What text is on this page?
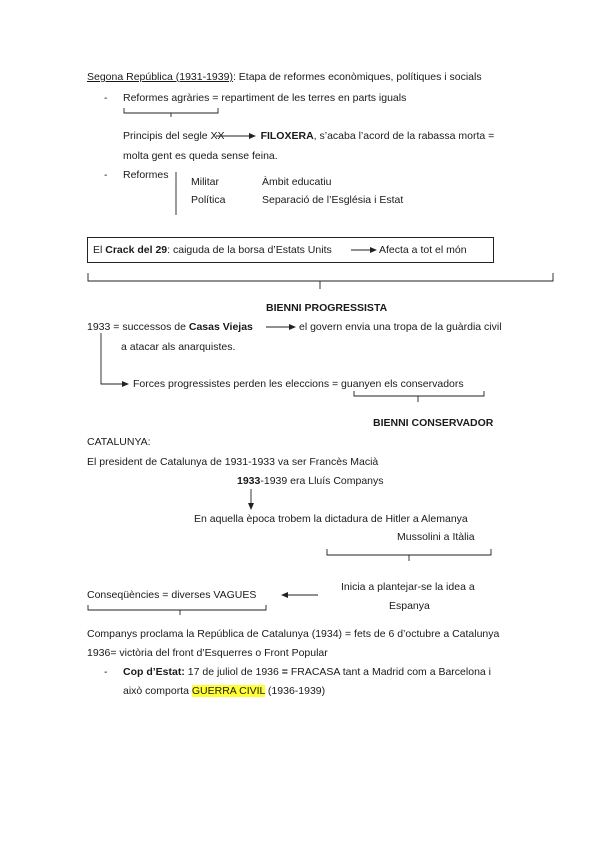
Segona República (1931-1939): Etapa de reformes econòmiques, polítiques i socials
- Reformes agràries = repartiment de les terres en parts iguals
Principis del segle XX	FILOXERA, s’acaba l’acord de la rabassa morta =
molta gent es queda sense feina.
- Reformes
Militar	Àmbit educatiu
Política	Separació de l’Església i Estat
El Crack del 29: caiguda de la borsa d’Estats Units	Afecta a tot el món
BIENNI PROGRESSISTA
1933 = successos de Casas Viejas	el govern envia una tropa de la guàrdia civil
a atacar als anarquistes.
Forces progressistes perden les eleccions = guanyen els conservadors
BIENNI CONSERVADOR
CATALUNYA:
El president de Catalunya de 1931-1933 va ser Francès Macià
1933-1939 era Lluís Companys
En aquella època trobem la dictadura de Hitler a Alemanya
Mussolini a Itàlia
Inicia a plantejar-se la idea a
Espanya
Conseqüències = diverses VAGUES
Companys proclama la República de Catalunya (1934) = fets de 6 d’octubre a Catalunya
1936= victòria del front d’Esquerres o Front Popular
- Cop d’Estat: 17 de juliol de 1936 = FRACASA tant a Madrid com a Barcelona i
això comporta GUERRA CIVIL (1936-1939)
